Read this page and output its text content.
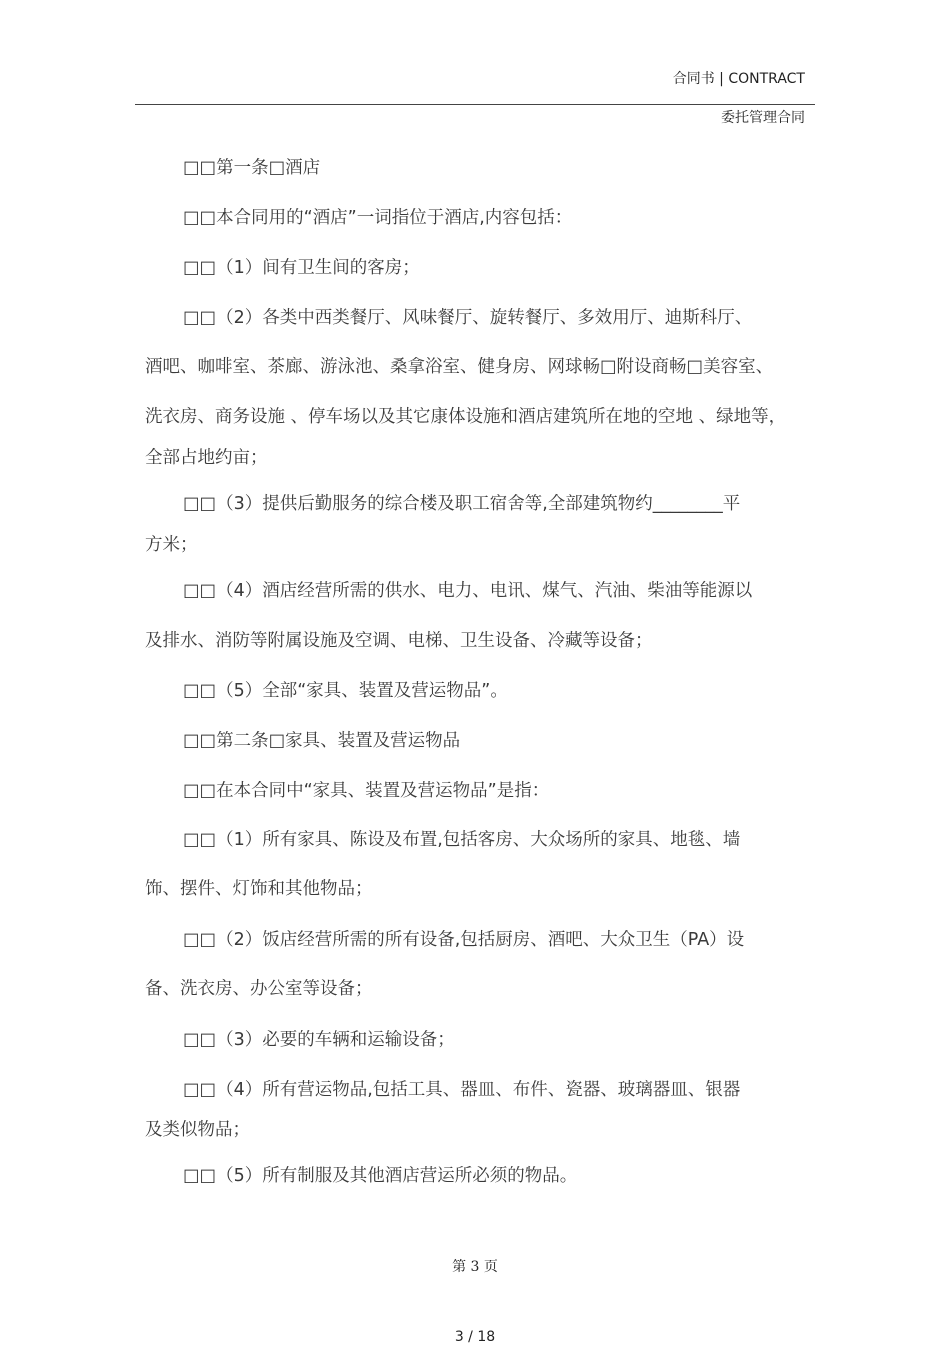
合同书 | CONTRACT
委托管理合同
□□第一条□酒店
□□本合同用的“酒店”一词指位于酒店,内容包括：
□□（1）间有卫生间的客房；
□□（2）各类中西类餐厅、风味餐厅、旋转餐厅、多效用厅、迪斯科厅、
酒吧、咖啡室、茶廊、游泳池、桑拿浴室、健身房、网球畅□附设商畅□美容室、
洗衣房、商务设施 、停车场以及其它康体设施和酒店建筑所在地的空地 、绿地等，
全部占地约亩；
□□（3）提供后勤服务的综合楼及职工宿舍等,全部建筑物约________平
方米；
□□（4）酒店经营所需的供水、电力、电讯、煤气、汽油、柴油等能源以
及排水、消防等附属设施及空调、电梯、卫生设备、冷藏等设备；
□□（5）全部“家具、装置及营运物品”。
□□第二条□家具、装置及营运物品
□□在本合同中“家具、装置及营运物品”是指：
□□（1）所有家具、陈设及布置,包括客房、大众场所的家具、地毯、墙
饰、摆件、灯饰和其他物品；
□□（2）饭店经营所需的所有设备,包括厨房、酒吧、大众卫生（PA）设
备、洗衣房、办公室等设备；
□□（3）必要的车辆和运输设备；
□□（4）所有营运物品,包括工具、器皿、布件、瓷器、玻璃器皿、银器
及类似物品；
□□（5）所有制服及其他酒店营运所必须的物品。
第 3 页
3 / 18
